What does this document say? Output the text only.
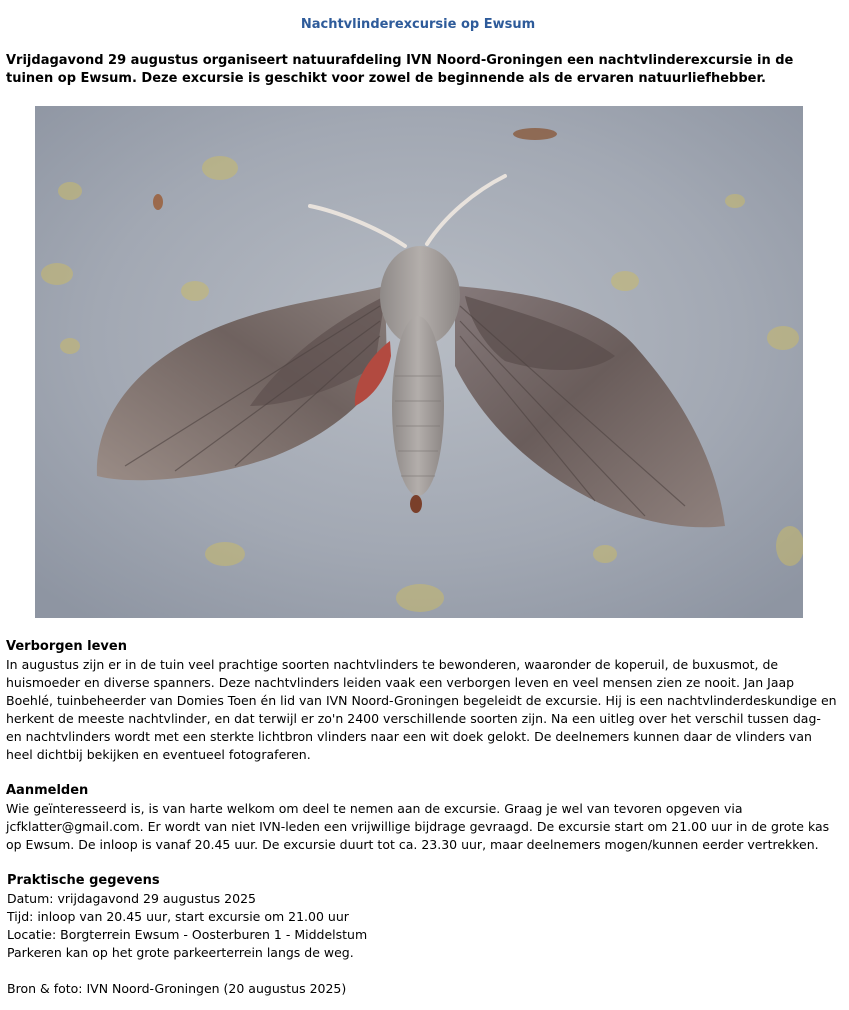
Nachtvlinderexcursie op Ewsum
Vrijdagavond 29 augustus organiseert natuurafdeling IVN Noord-Groningen een nachtvlinderexcursie in de tuinen op Ewsum. Deze excursie is geschikt voor zowel de beginnende als de ervaren natuurliefhebber.
Verborgen leven

In augustus zijn er in de tuin veel prachtige soorten nachtvlinders te bewonderen, waaronder de koperuil, de buxusmot, de huismoeder en diverse spanners. Deze nachtvlinders leiden vaak een verborgen leven en veel mensen zien ze nooit. Jan Jaap Boehlé, tuinbeheerder van Domies Toen én lid van IVN Noord-Groningen begeleidt de excursie. Hij is een nachtvlinderdeskundige en herkent de meeste nachtvlinder, en dat terwijl er zo'n 2400 verschillende soorten zijn. Na een uitleg over het verschil tussen dag- en nachtvlinders wordt met een sterkte lichtbron vlinders naar een wit doek gelokt. De deelnemers kunnen daar de vlinders van heel dichtbij bekijken en eventueel fotograferen.

Aanmelden

Wie geïnteresseerd is, is van harte welkom om deel te nemen aan de excursie. Graag je wel van tevoren opgeven via jcfklatter@gmail.com. Er wordt van niet IVN-leden een vrijwillige bijdrage gevraagd. De excursie start om 21.00 uur in de grote kas op Ewsum. De inloop is vanaf 20.45 uur. De excursie duurt tot ca. 23.30 uur, maar deelnemers mogen/kunnen eerder vertrekken.

Praktische gegevens
Datum: vrijdagavond 29 augustus 2025
Tijd: inloop van 20.45 uur, start excursie om 21.00 uur
Locatie: Borgterrein Ewsum - Oosterburen 1 - Middelstum
Parkeren kan op het grote parkeerterrein langs de weg.
Bron & foto: IVN Noord-Groningen (20 augustus 2025)
